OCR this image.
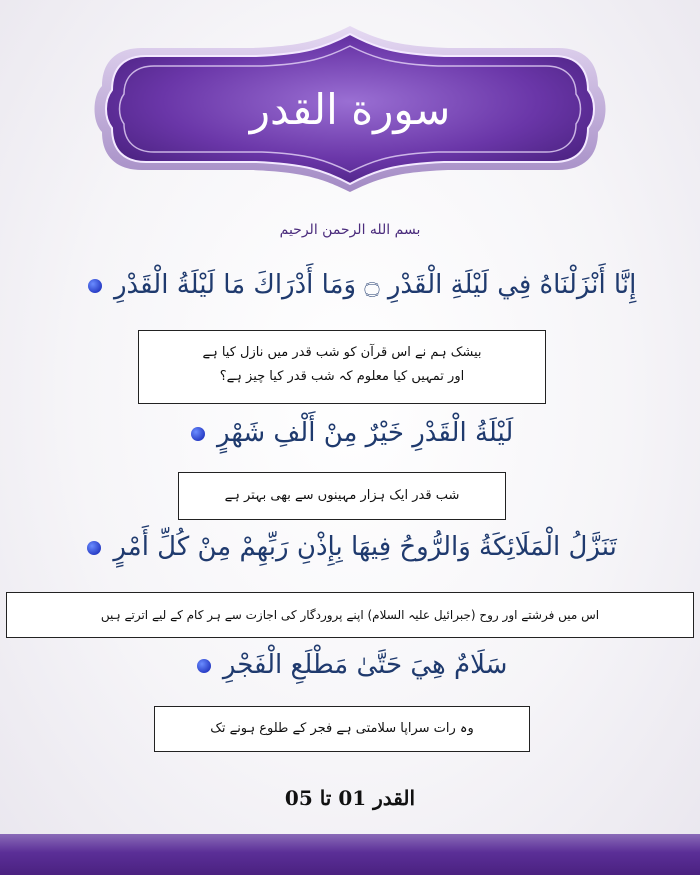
سورة القدر
بسم الله الرحمن الرحيم
إِنَّا أَنْزَلْنَاهُ فِي لَيْلَةِ الْقَدْرِ ۝ وَمَا أَدْرَاكَ مَا لَيْلَةُ الْقَدْرِ
بیشک ہم نے اس قرآن کو شب قدر میں نازل کیا ہے
اور تمہیں کیا معلوم کہ شب قدر کیا چیز ہے؟
لَيْلَةُ الْقَدْرِ خَيْرٌ مِنْ أَلْفِ شَهْرٍ
شب قدر ایک ہزار مہینوں سے بھی بہتر ہے
تَنَزَّلُ الْمَلَائِكَةُ وَالرُّوحُ فِيهَا بِإِذْنِ رَبِّهِمْ مِنْ كُلِّ أَمْرٍ
اس میں فرشتے اور روح (جبرائیل علیہ السلام) اپنے پروردگار کی اجازت سے ہر کام کے لیے اترتے ہیں
سَلَامٌ هِيَ حَتَّىٰ مَطْلَعِ الْفَجْرِ
وہ رات سراپا سلامتی ہے فجر کے طلوع ہونے تک
القدر 01 تا 05
